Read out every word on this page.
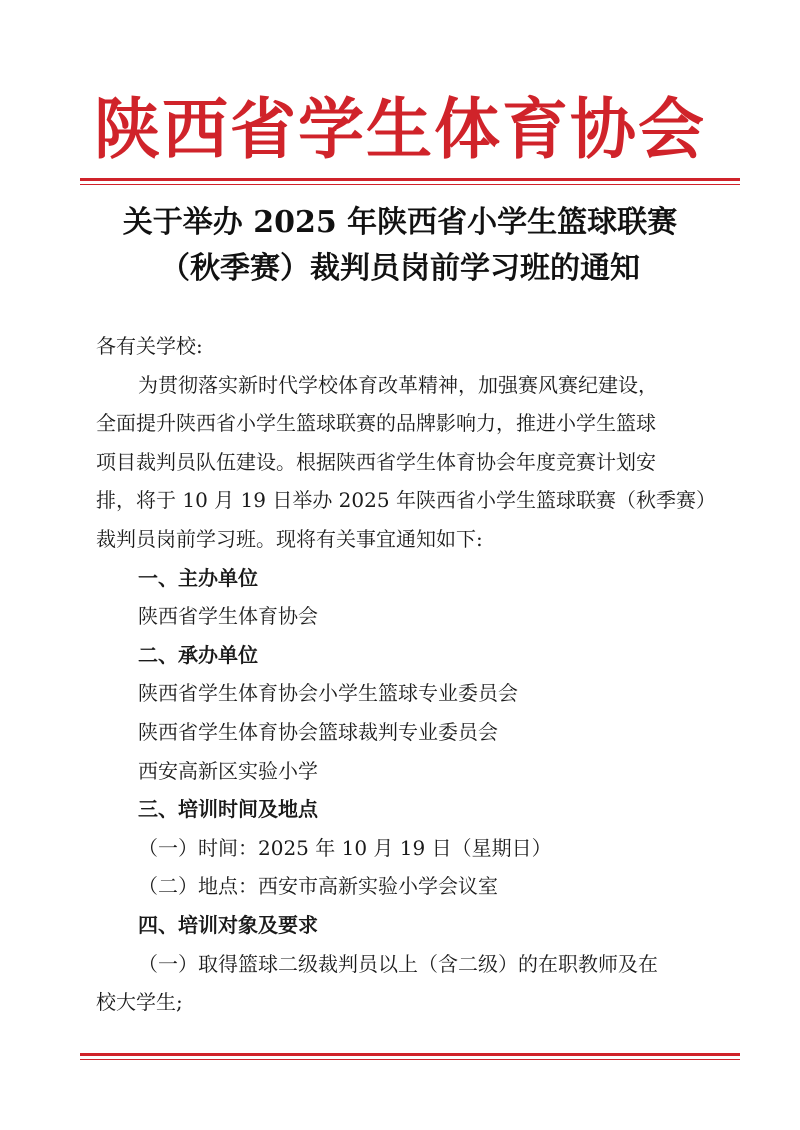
陕西省学生体育协会
关于举办 2025 年陕西省小学生篮球联赛
（秋季赛）裁判员岗前学习班的通知
各有关学校:
为贯彻落实新时代学校体育改革精神，加强赛风赛纪建设，
全面提升陕西省小学生篮球联赛的品牌影响力，推进小学生篮球
项目裁判员队伍建设。根据陕西省学生体育协会年度竞赛计划安
排，将于 10 月 19 日举办 2025 年陕西省小学生篮球联赛（秋季赛）
裁判员岗前学习班。现将有关事宜通知如下:
一、主办单位
陕西省学生体育协会
二、承办单位
陕西省学生体育协会小学生篮球专业委员会
陕西省学生体育协会篮球裁判专业委员会
西安高新区实验小学
三、培训时间及地点
（一）时间：2025 年 10 月 19 日（星期日）
（二）地点：西安市高新实验小学会议室
四、培训对象及要求
（一）取得篮球二级裁判员以上（含二级）的在职教师及在
校大学生;
